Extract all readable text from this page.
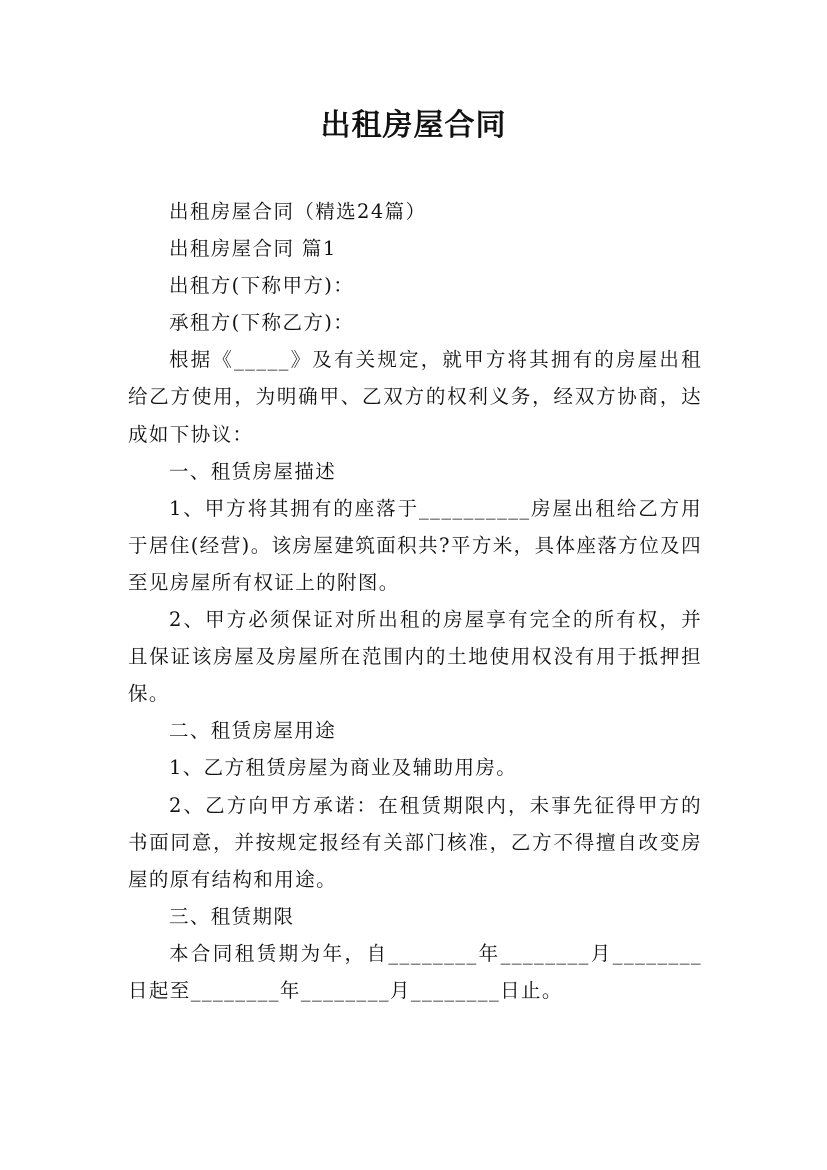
出租房屋合同

出租房屋合同（精选24篇）

出租房屋合同 篇1

出租方(下称甲方)：

承租方(下称乙方)：

根据《_____》及有关规定，就甲方将其拥有的房屋出租给乙方使用，为明确甲、乙双方的权利义务，经双方协商，达成如下协议：

一、租赁房屋描述

1、甲方将其拥有的座落于__________房屋出租给乙方用于居住(经营)。该房屋建筑面积共?平方米，具体座落方位及四至见房屋所有权证上的附图。

2、甲方必须保证对所出租的房屋享有完全的所有权，并且保证该房屋及房屋所在范围内的土地使用权没有用于抵押担保。

二、租赁房屋用途

1、乙方租赁房屋为商业及辅助用房。

2、乙方向甲方承诺：在租赁期限内，未事先征得甲方的书面同意，并按规定报经有关部门核准，乙方不得擅自改变房屋的原有结构和用途。

三、租赁期限

本合同租赁期为年，自________年________月________日起至________年________月________日止。
